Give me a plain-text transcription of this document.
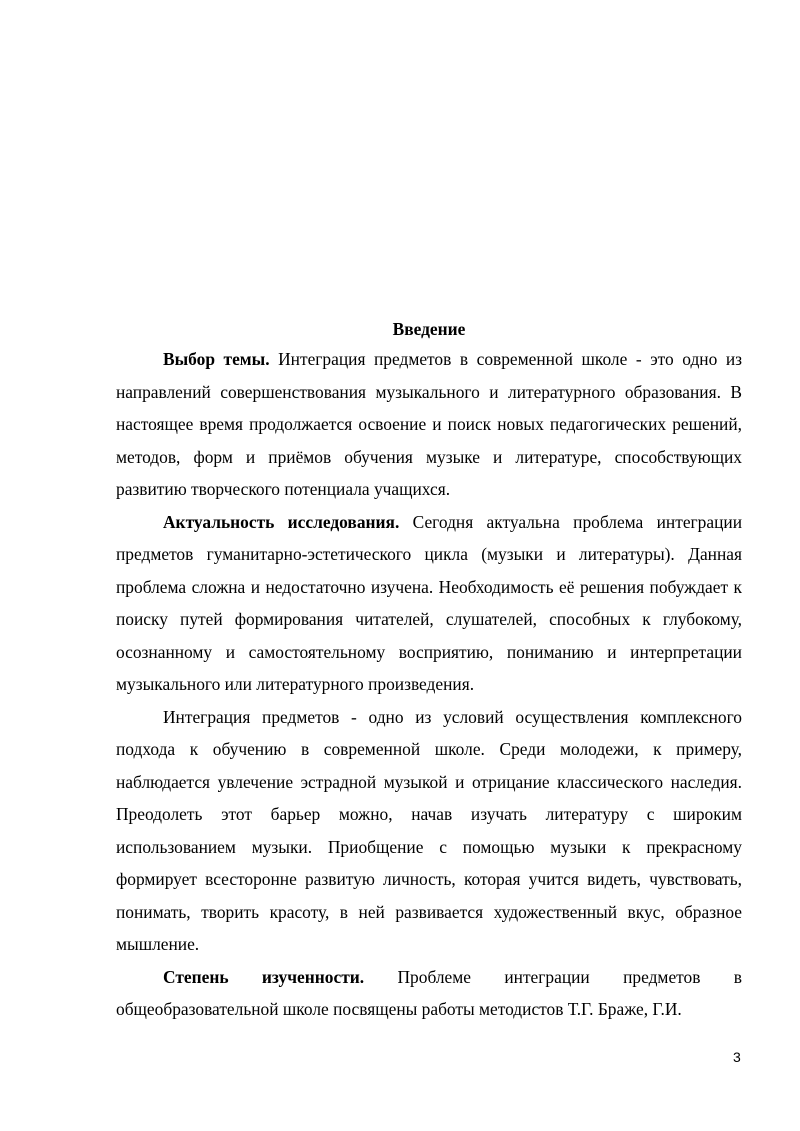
Введение

Выбор темы. Интеграция предметов в современной школе - это одно из направлений совершенствования музыкального и литературного образования. В настоящее время продолжается освоение и поиск новых педагогических решений, методов, форм и приёмов обучения музыке и литературе, способствующих развитию творческого потенциала учащихся.

Актуальность исследования. Сегодня актуальна проблема интеграции предметов гуманитарно-эстетического цикла (музыки и литературы). Данная проблема сложна и недостаточно изучена. Необходимость её решения побуждает к поиску путей формирования читателей, слушателей, способных к глубокому, осознанному и самостоятельному восприятию, пониманию и интерпретации музыкального или литературного произведения.

Интеграция предметов - одно из условий осуществления комплексного подхода к обучению в современной школе. Среди молодежи, к примеру, наблюдается увлечение эстрадной музыкой и отрицание классического наследия. Преодолеть этот барьер можно, начав изучать литературу с широким использованием музыки. Приобщение с помощью музыки к прекрасному формирует всесторонне развитую личность, которая учится видеть, чувствовать, понимать, творить красоту, в ней развивается художественный вкус, образное мышление.

Степень изученности. Проблеме интеграции предметов в общеобразовательной школе посвящены работы методистов Т.Г. Браже, Г.И.

3
